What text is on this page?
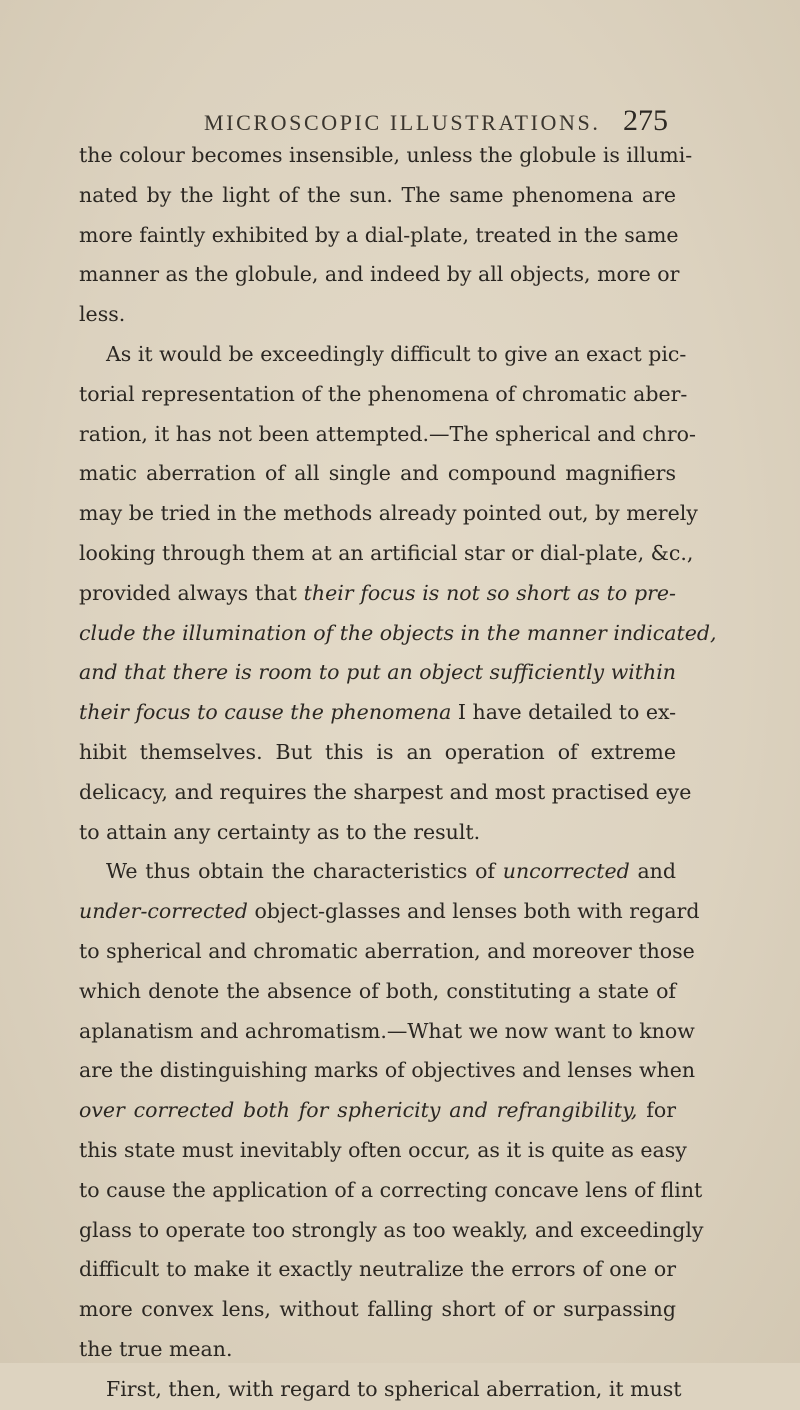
MICROSCOPIC ILLUSTRATIONS. 275
the colour becomes insensible, unless the globule is illumi-
nated by the light of the sun. The same phenomena are
more faintly exhibited by a dial-plate, treated in the same
manner as the globule, and indeed by all objects, more or
less.
As it would be exceedingly difficult to give an exact pic-
torial representation of the phenomena of chromatic aber-
ration, it has not been attempted.—The spherical and chro-
matic aberration of all single and compound magnifiers
may be tried in the methods already pointed out, by merely
looking through them at an artificial star or dial-plate, &c.,
provided always that their focus is not so short as to pre-
clude the illumination of the objects in the manner indicated,
and that there is room to put an object sufficiently within
their focus to cause the phenomena I have detailed to ex-
hibit themselves. But this is an operation of extreme
delicacy, and requires the sharpest and most practised eye
to attain any certainty as to the result.
We thus obtain the characteristics of uncorrected and
under-corrected object-glasses and lenses both with regard
to spherical and chromatic aberration, and moreover those
which denote the absence of both, constituting a state of
aplanatism and achromatism.—What we now want to know
are the distinguishing marks of objectives and lenses when
over corrected both for sphericity and refrangibility, for
this state must inevitably often occur, as it is quite as easy
to cause the application of a correcting concave lens of flint
glass to operate too strongly as too weakly, and exceedingly
difficult to make it exactly neutralize the errors of one or
more convex lens, without falling short of or surpassing
the true mean.
First, then, with regard to spherical aberration, it must
